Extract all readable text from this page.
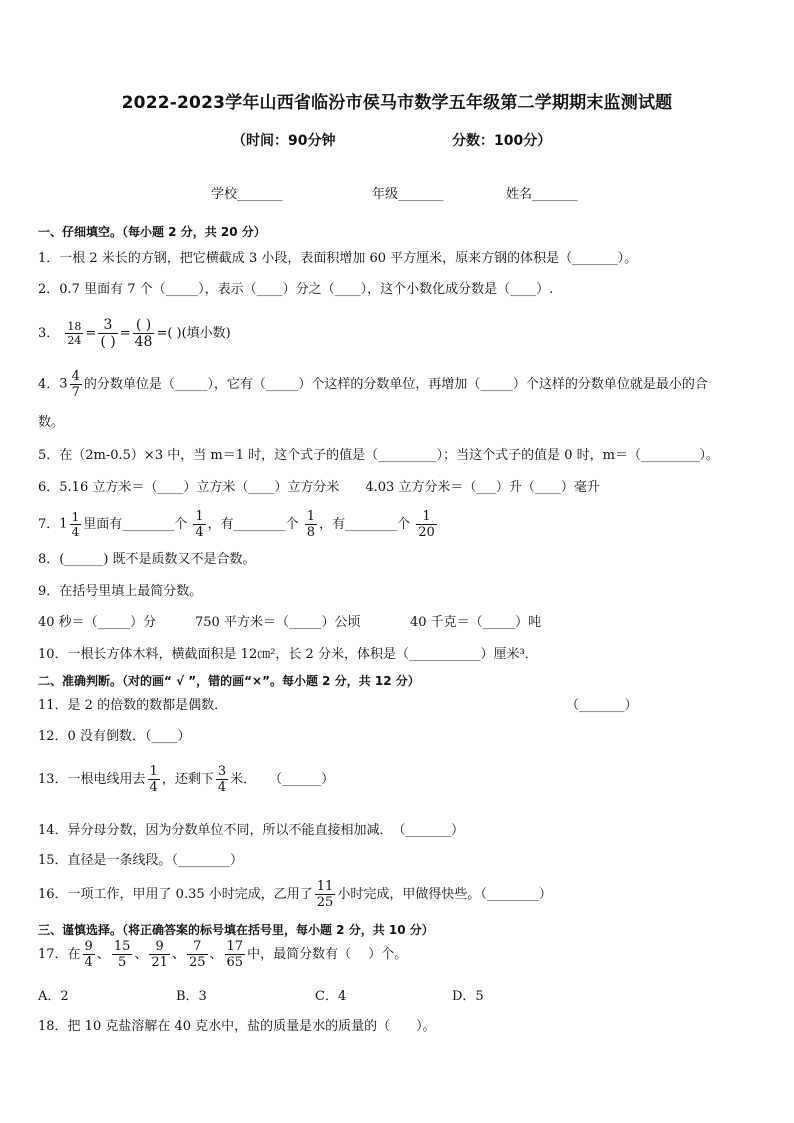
2022-2023学年山西省临汾市侯马市数学五年级第二学期期末监测试题
（时间：90分钟	分数：100分）
学校_______	年级_______	姓名_______
一、仔细填空。（每小题 2 分，共 20 分）
1．一根 2 米长的方钢，把它横截成 3 小段，表面积增加 60 平方厘米，原来方钢的体积是（_______）。
2．0.7 里面有 7 个（_____），表示（____）分之（____），这个小数化成分数是（____）.
3． $\frac{18}{24} = \frac{3}{( )} = \frac{( )}{48}$ =( )(填小数)
4．$3 \frac{4}{7}$ 的分数单位是（_____），它有（_____）个这样的分数单位，再增加（_____）个这样的分数单位就是最小的合
数。
5．在（2m-0.5）×3 中，当 m＝1 时，这个式子的值是（_________）；当这个式子的值是 0 时，m＝（_________）。
6．5.16 立方米＝（____）立方米（____）立方分米　　4.03 立方分米＝（___）升（____）毫升
7．$1 \frac{1}{4}$ 里面有________个 $\frac{1}{4}$ ，有________个 $\frac{1}{8}$ ，有________个 $\frac{1}{20}$
8．(______) 既不是质数又不是合数。
9．在括号里填上最简分数。
40 秒＝（_____）分	750 平方米＝（_____）公顷	40 千克＝（_____）吨
10．一根长方体木料，横截面积是 12㎝²，长 2 分米，体积是（___________）厘米³．
二、准确判断。（对的画“ √ ”，错的画“×”。每小题 2 分，共 12 分）
11．是 2 的倍数的数都是偶数．	（_______）
12．0 没有倒数．（____）
13．一根电线用去 $\frac{1}{4}$ ，还剩下 $\frac{3}{4}$ 米．　　（______）
14．异分母分数，因为分数单位不同，所以不能直接相加减．　（_______）
15．直径是一条线段。（________）
16．一项工作，甲用了 0.35 小时完成，乙用了 $\frac{11}{25}$ 小时完成，甲做得快些。（________）
三、谨慎选择。（将正确答案的标号填在括号里，每小题 2 分，共 10 分）
17．在 $\frac{9}{4}$ 、 $\frac{15}{5}$ 、 $\frac{9}{21}$ 、 $\frac{7}{25}$ 、 $\frac{17}{65}$ 中，最简分数有（　 ）个。
A．2	B．3	C．4	D．5
18．把 10 克盐溶解在 40 克水中，盐的质量是水的质量的（　　）。
